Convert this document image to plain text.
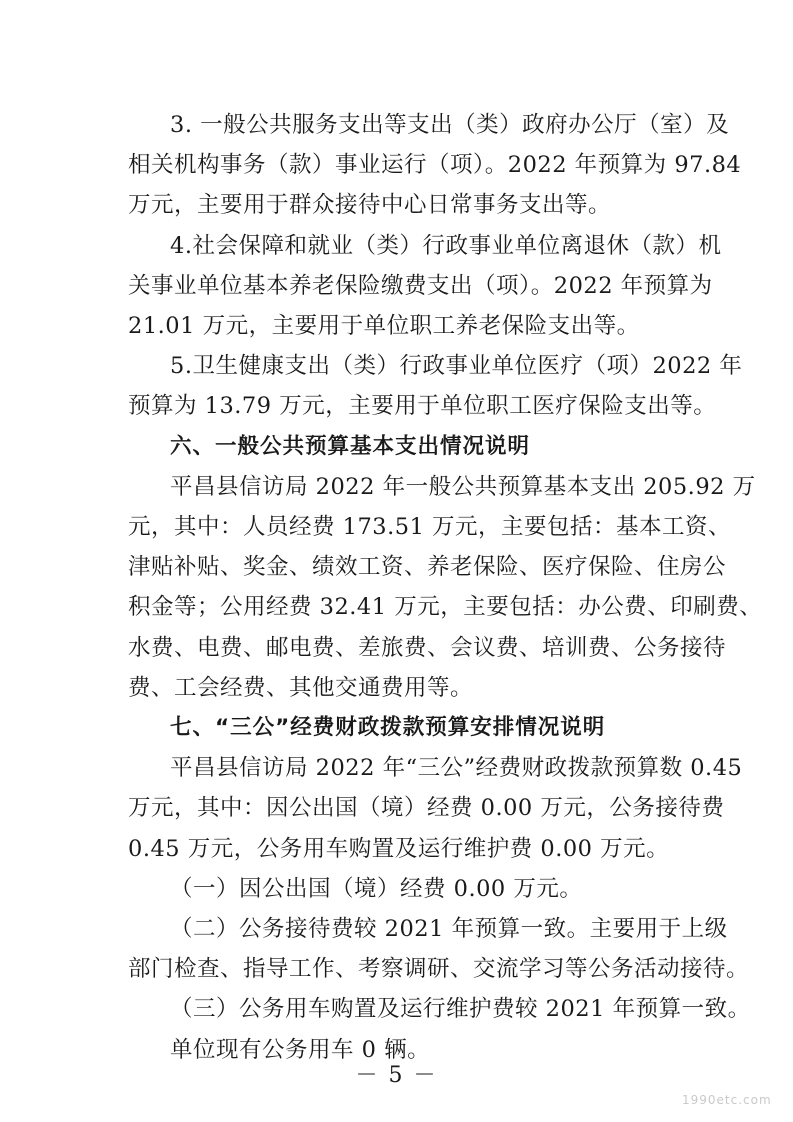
3. 一般公共服务支出等支出（类）政府办公厅（室）及
相关机构事务（款）事业运行（项）。2022 年预算为 97.84
万元，主要用于群众接待中心日常事务支出等。
4.社会保障和就业（类）行政事业单位离退休（款）机
关事业单位基本养老保险缴费支出（项）。2022 年预算为
21.01 万元，主要用于单位职工养老保险支出等。
5.卫生健康支出（类）行政事业单位医疗（项）2022 年
预算为 13.79 万元，主要用于单位职工医疗保险支出等。
六、一般公共预算基本支出情况说明
平昌县信访局 2022 年一般公共预算基本支出 205.92 万
元，其中：人员经费 173.51 万元，主要包括：基本工资、
津贴补贴、奖金、绩效工资、养老保险、医疗保险、住房公
积金等；公用经费 32.41 万元，主要包括：办公费、印刷费、
水费、电费、邮电费、差旅费、会议费、培训费、公务接待
费、工会经费、其他交通费用等。
七、“三公”经费财政拨款预算安排情况说明
平昌县信访局 2022 年“三公”经费财政拨款预算数 0.45
万元，其中：因公出国（境）经费 0.00 万元，公务接待费
0.45 万元，公务用车购置及运行维护费 0.00 万元。
（一）因公出国（境）经费 0.00 万元。
（二）公务接待费较 2021 年预算一致。主要用于上级
部门检查、指导工作、考察调研、交流学习等公务活动接待。
（三）公务用车购置及运行维护费较 2021 年预算一致。
单位现有公务用车 0 辆。
1990etc.com
－ 5 －
